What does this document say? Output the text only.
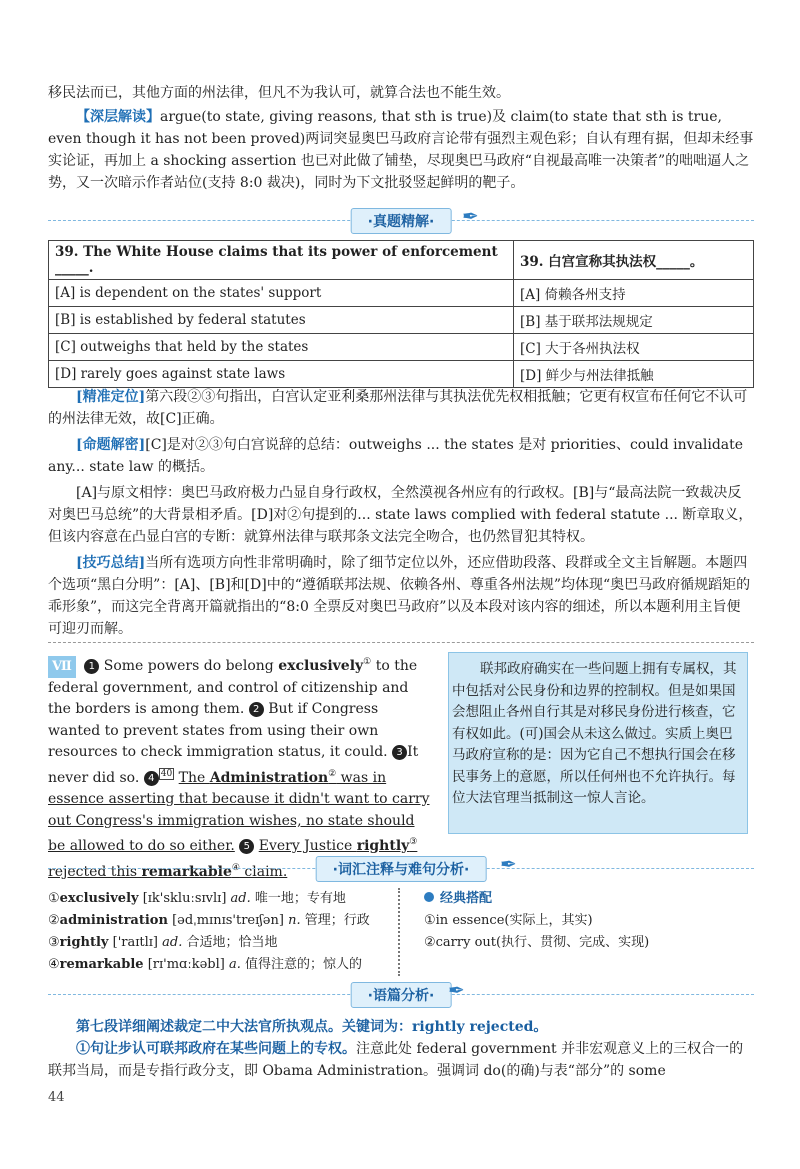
移民法而已，其他方面的州法律，但凡不为我认可，就算合法也不能生效。
【深层解读】argue(to state, giving reasons, that sth is true)及 claim(to state that sth is true, even though it has not been proved)两词突显奥巴马政府言论带有强烈主观色彩；自认有理有据，但却未经事实论证，再加上 a shocking assertion 也已对此做了铺垫，尽现奥巴马政府“自视最高唯一决策者”的咄咄逼人之势，又一次暗示作者站位(支持 8:0 裁决)，同时为下文批驳竖起鲜明的靶子。
·真题精解·	✒
39. The White House claims that its power of enforcement _____.	39. 白宫宣称其执法权_____。
[A] is dependent on the states' support	[A] 倚赖各州支持
[B] is established by federal statutes	[B] 基于联邦法规规定
[C] outweighs that held by the states	[C] 大于各州执法权
[D] rarely goes against state laws	[D] 鲜少与州法律抵触
[精准定位]第六段②③句指出，白宫认定亚利桑那州法律与其执法优先权相抵触；它更有权宣布任何它不认可的州法律无效，故[C]正确。
[命题解密][C]是对②③句白宫说辞的总结：outweighs ... the states 是对 priorities、could invalidate any... state law 的概括。
[A]与原文相悖：奥巴马政府极力凸显自身行政权，全然漠视各州应有的行政权。[B]与“最高法院一致裁决反对奥巴马总统”的大背景相矛盾。[D]对②句提到的... state laws complied with federal statute ... 断章取义，但该内容意在凸显白宫的专断：就算州法律与联邦条文法完全吻合，也仍然冒犯其特权。
[技巧总结]当所有选项方向性非常明确时，除了细节定位以外，还应借助段落、段群或全文主旨解题。本题四个选项“黑白分明”：[A]、[B]和[D]中的“遵循联邦法规、依赖各州、尊重各州法规”均体现“奥巴马政府循规蹈矩的乖形象”，而这完全背离开篇就指出的“8:0 全票反对奥巴马政府”以及本段对该内容的细述，所以本题利用主旨便可迎刃而解。
Ⅶ 1 Some powers do belong exclusively① to the federal government, and control of citizenship and the borders is among them. 2 But if Congress wanted to prevent states from using their own resources to check immigration status, it could. 3 It never did so. 4 $^{40}$ The Administration② was in essence asserting that because it didn't want to carry out Congress's immigration wishes, no state should be allowed to do so either. 5 Every Justice rightly③ rejected this remarkable④ claim.
联邦政府确实在一些问题上拥有专属权，其中包括对公民身份和边界的控制权。但是如果国会想阻止各州自行其是对移民身份进行核查，它有权如此。(可)国会从未这么做过。实质上奥巴马政府宣称的是：因为它自己不想执行国会在移民事务上的意愿，所以任何州也不允许执行。每位大法官理当抵制这一惊人言论。
·词汇注释与难句分析·	✒
①exclusively [ɪk'skluːsɪvlɪ] ad. 唯一地；专有地
②administration [ədˌmɪnɪs'treɪʃən] n. 管理；行政
③rightly ['raɪtlɪ] ad. 合适地；恰当地
④remarkable [rɪ'mɑːkəbl] a. 值得注意的；惊人的
经典搭配
①in essence(实际上，其实)
②carry out(执行、贯彻、完成、实现)
·语篇分析· ✒
第七段详细阐述裁定二中大法官所执观点。关键词为：rightly rejected。
①句让步认可联邦政府在某些问题上的专权。注意此处 federal government 并非宏观意义上的三权合一的联邦当局，而是专指行政分支，即 Obama Administration。强调词 do(的确)与表“部分”的 some
44
